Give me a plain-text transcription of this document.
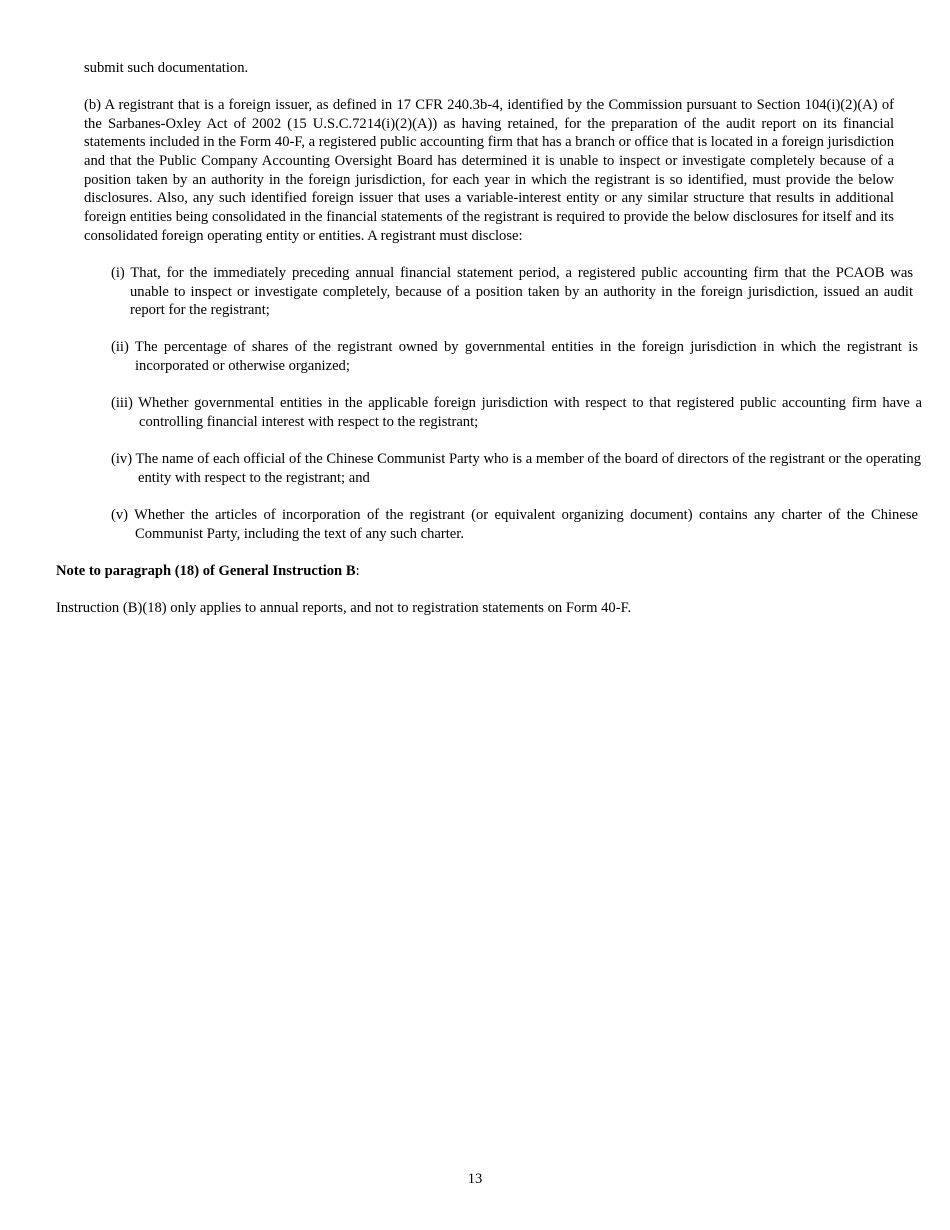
submit such documentation.
(b) A registrant that is a foreign issuer, as defined in 17 CFR 240.3b-4, identified by the Commission pursuant to Section 104(i)(2)(A) of the Sarbanes-Oxley Act of 2002 (15 U.S.C.7214(i)(2)(A)) as having retained, for the preparation of the audit report on its financial statements included in the Form 40-F, a registered public accounting firm that has a branch or office that is located in a foreign jurisdiction and that the Public Company Accounting Oversight Board has determined it is unable to inspect or investigate completely because of a position taken by an authority in the foreign jurisdiction, for each year in which the registrant is so identified, must provide the below disclosures. Also, any such identified foreign issuer that uses a variable-interest entity or any similar structure that results in additional foreign entities being consolidated in the financial statements of the registrant is required to provide the below disclosures for itself and its consolidated foreign operating entity or entities. A registrant must disclose:
(i) That, for the immediately preceding annual financial statement period, a registered public accounting firm that the PCAOB was unable to inspect or investigate completely, because of a position taken by an authority in the foreign jurisdiction, issued an audit report for the registrant;
(ii) The percentage of shares of the registrant owned by governmental entities in the foreign jurisdiction in which the registrant is incorporated or otherwise organized;
(iii) Whether governmental entities in the applicable foreign jurisdiction with respect to that registered public accounting firm have a controlling financial interest with respect to the registrant;
(iv) The name of each official of the Chinese Communist Party who is a member of the board of directors of the registrant or the operating entity with respect to the registrant; and
(v) Whether the articles of incorporation of the registrant (or equivalent organizing document) contains any charter of the Chinese Communist Party, including the text of any such charter.
Note to paragraph (18) of General Instruction B:
Instruction (B)(18) only applies to annual reports, and not to registration statements on Form 40-F.
13
